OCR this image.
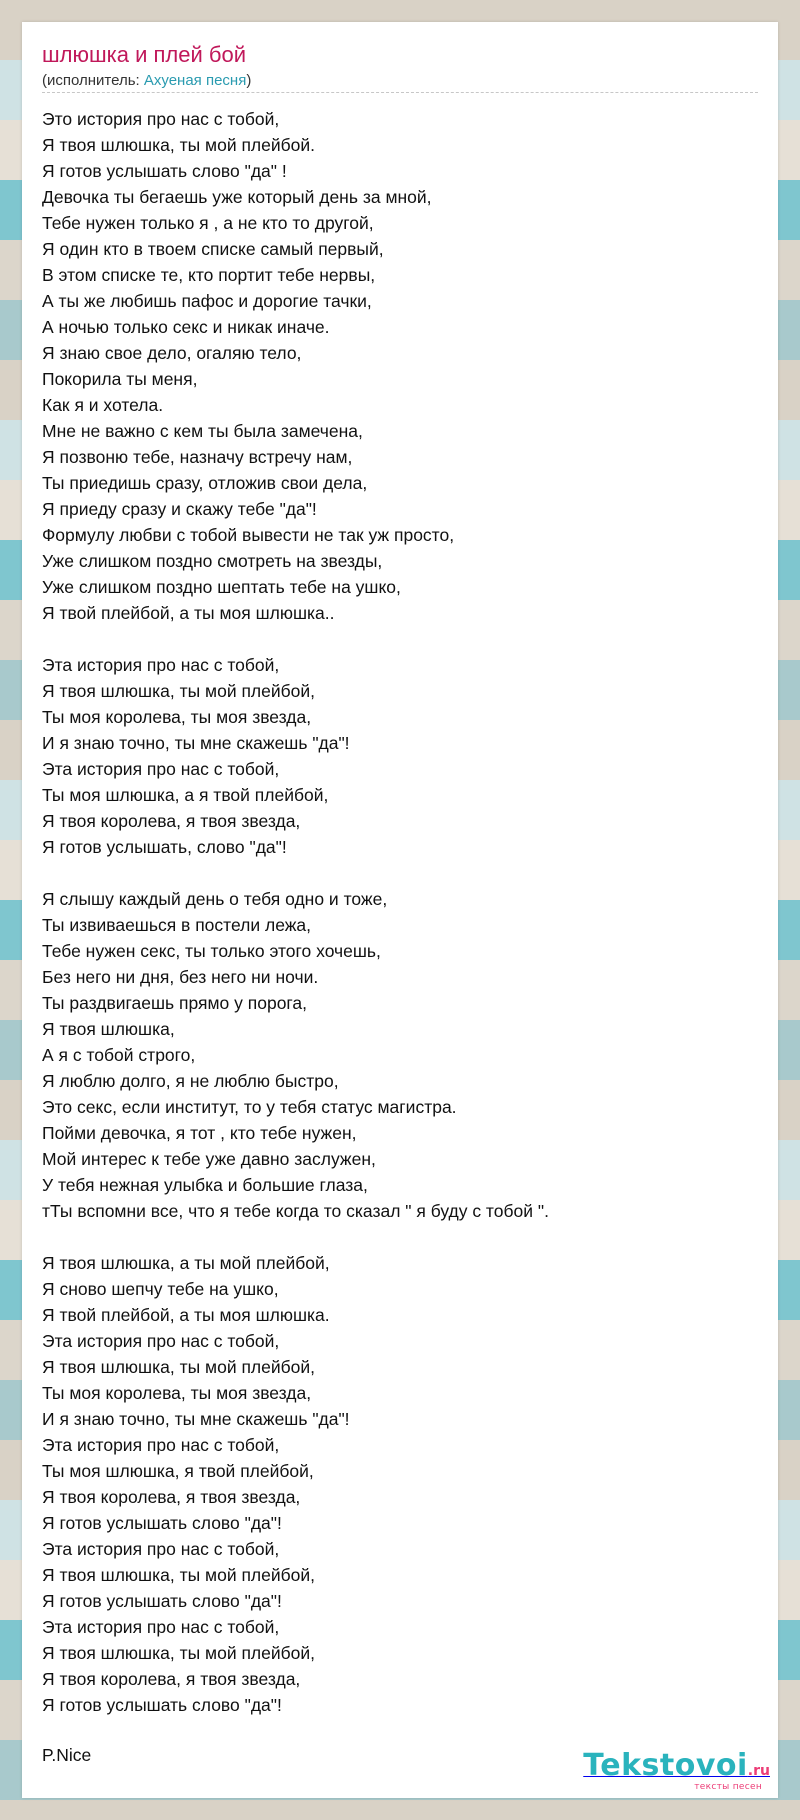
шлюшка и плей бой
(исполнитель: Ахуеная песня)
Это история про нас с тобой,
Я твоя шлюшка, ты мой плейбой.
Я готов услышать слово "да" !
Девочка ты бегаешь уже который день за мной,
Тебе нужен только я , а не кто то другой,
Я один кто в твоем списке самый первый,
В этом списке те, кто портит тебе нервы,
А ты же любишь пафос и дорогие тачки,
А ночью только секс и никак иначе.
Я знаю свое дело, огаляю тело,
Покорила ты меня,
Как я и хотела.
Мне не важно с кем ты была замечена,
Я позвоню тебе, назначу встречу нам,
Ты приедишь сразу, отложив свои дела,
Я приеду сразу и скажу тебе "да"!
Формулу любви с тобой вывести не так уж просто,
Уже слишком поздно смотреть на звезды,
Уже слишком поздно шептать тебе на ушко,
Я твой плейбой, а ты моя шлюшка..
Эта история про нас с тобой,
Я твоя шлюшка, ты мой плейбой,
Ты моя королева, ты моя звезда,
И я знаю точно, ты мне скажешь "да"!
Эта история про нас с тобой,
Ты моя шлюшка, а я твой плейбой,
Я твоя королева, я твоя звезда,
Я готов услышать, слово "да"!
Я слышу каждый день о тебя одно и тоже,
Ты извиваешься в постели лежа,
Тебе нужен секс, ты только этого хочешь,
Без него ни дня, без него ни ночи.
Ты раздвигаешь прямо у порога,
Я твоя шлюшка,
А я с тобой строго,
Я люблю долго, я не люблю быстро,
Это секс, если институт, то у тебя статус магистра.
Пойми девочка, я тот , кто тебе нужен,
Мой интерес к тебе уже давно заслужен,
У тебя нежная улыбка и большие глаза,
тТы вспомни все, что я тебе когда то сказал " я буду с тобой ".
Я твоя шлюшка, а ты мой плейбой,
Я сново шепчу тебе на ушко,
Я твой плейбой, а ты моя шлюшка.
Эта история про нас с тобой,
Я твоя шлюшка, ты мой плейбой,
Ты моя королева, ты моя звезда,
И я знаю точно, ты мне скажешь "да"!
Эта история про нас с тобой,
Ты моя шлюшка, я твой плейбой,
Я твоя королева, я твоя звезда,
Я готов услышать слово "да"!
Эта история про нас с тобой,
Я твоя шлюшка, ты мой плейбой,
Я готов услышать слово "да"!
Эта история про нас с тобой,
Я твоя шлюшка, ты мой плейбой,
Я твоя королева, я твоя звезда,
Я готов услышать слово "да"!
P.Nice	Tekstovoi.ru
тексты песен
